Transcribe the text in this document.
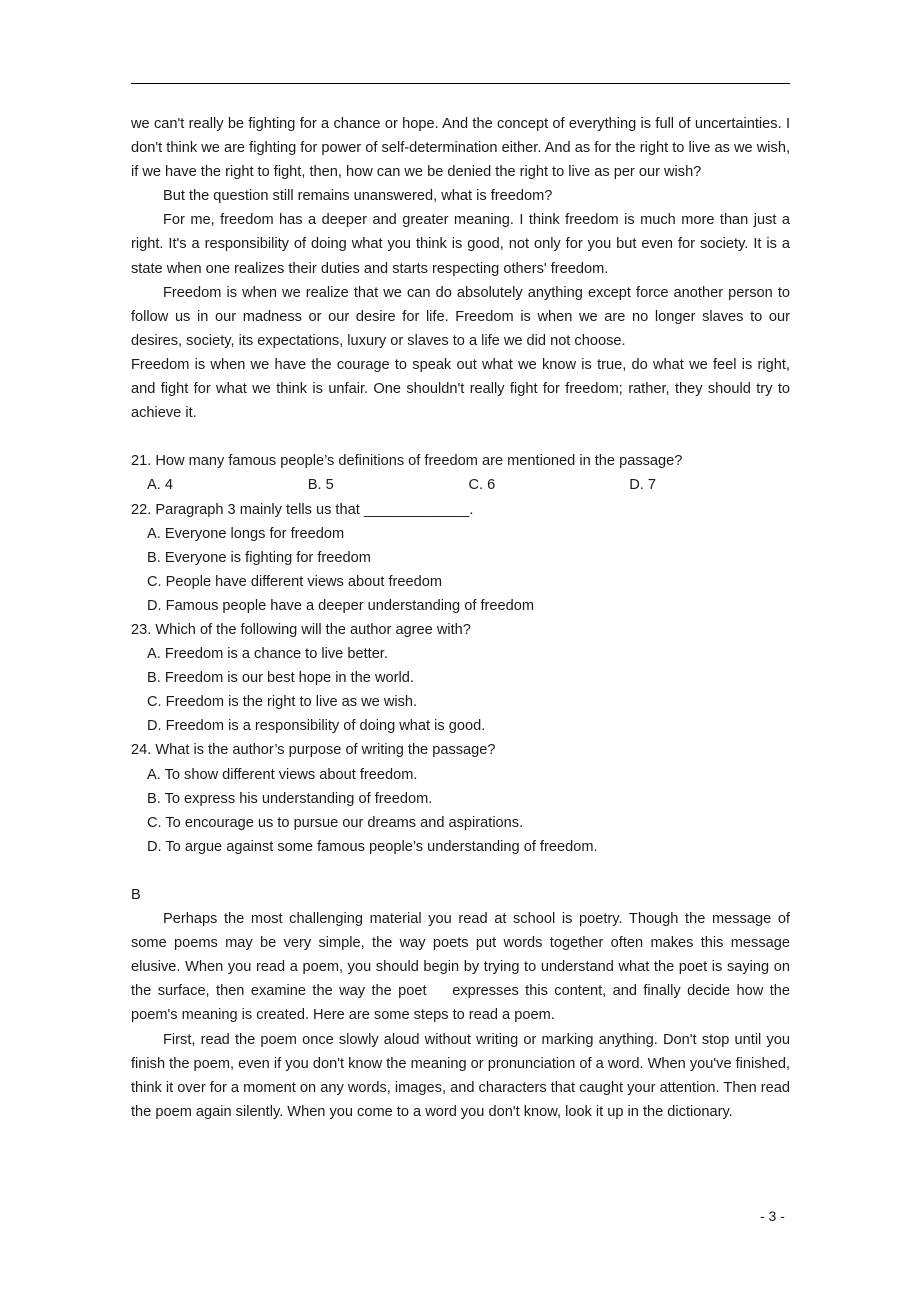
we can't really be fighting for a chance or hope. And the concept of everything is full of uncertainties. I don't think we are fighting for power of self-determination either. And as for the right to live as we wish, if we have the right to fight, then, how can we be denied the right to live as per our wish?

But the question still remains unanswered, what is freedom?

For me, freedom has a deeper and greater meaning. I think freedom is much more than just a right. It's a responsibility of doing what you think is good, not only for you but even for society. It is a state when one realizes their duties and starts respecting others' freedom.

Freedom is when we realize that we can do absolutely anything except force another person to follow us in our madness or our desire for life. Freedom is when we are no longer slaves to our desires, society, its expectations, luxury or slaves to a life we did not choose.

Freedom is when we have the courage to speak out what we know is true, do what we feel is right, and fight for what we think is unfair. One shouldn't really fight for freedom; rather, they should try to achieve it.

21. How many famous people’s definitions of freedom are mentioned in the passage?

A. 4	B. 5	C. 6	D. 7

22. Paragraph 3 mainly tells us that _____________.

A. Everyone longs for freedom

B. Everyone is fighting for freedom

C. People have different views about freedom

D. Famous people have a deeper understanding of freedom

23. Which of the following will the author agree with?

A. Freedom is a chance to live better.

B. Freedom is our best hope in the world.

C. Freedom is the right to live as we wish.

D. Freedom is a responsibility of doing what is good.

24. What is the author’s purpose of writing the passage?

A. To show different views about freedom.

B. To express his understanding of freedom.

C. To encourage us to pursue our dreams and aspirations.

D. To argue against some famous people’s understanding of freedom.

B

Perhaps the most challenging material you read at school is poetry. Though the message of some poems may be very simple, the way poets put words together often makes this message elusive. When you read a poem, you should begin by trying to understand what the poet is saying on the surface, then examine the way the poet    expresses this content, and finally decide how the poem's meaning is created. Here are some steps to read a poem.

First, read the poem once slowly aloud without writing or marking anything. Don't stop until you finish the poem, even if you don't know the meaning or pronunciation of a word. When you've finished, think it over for a moment on any words, images, and characters that caught your attention. Then read the poem again silently. When you come to a word you don't know, look it up in the dictionary.

- 3 -
